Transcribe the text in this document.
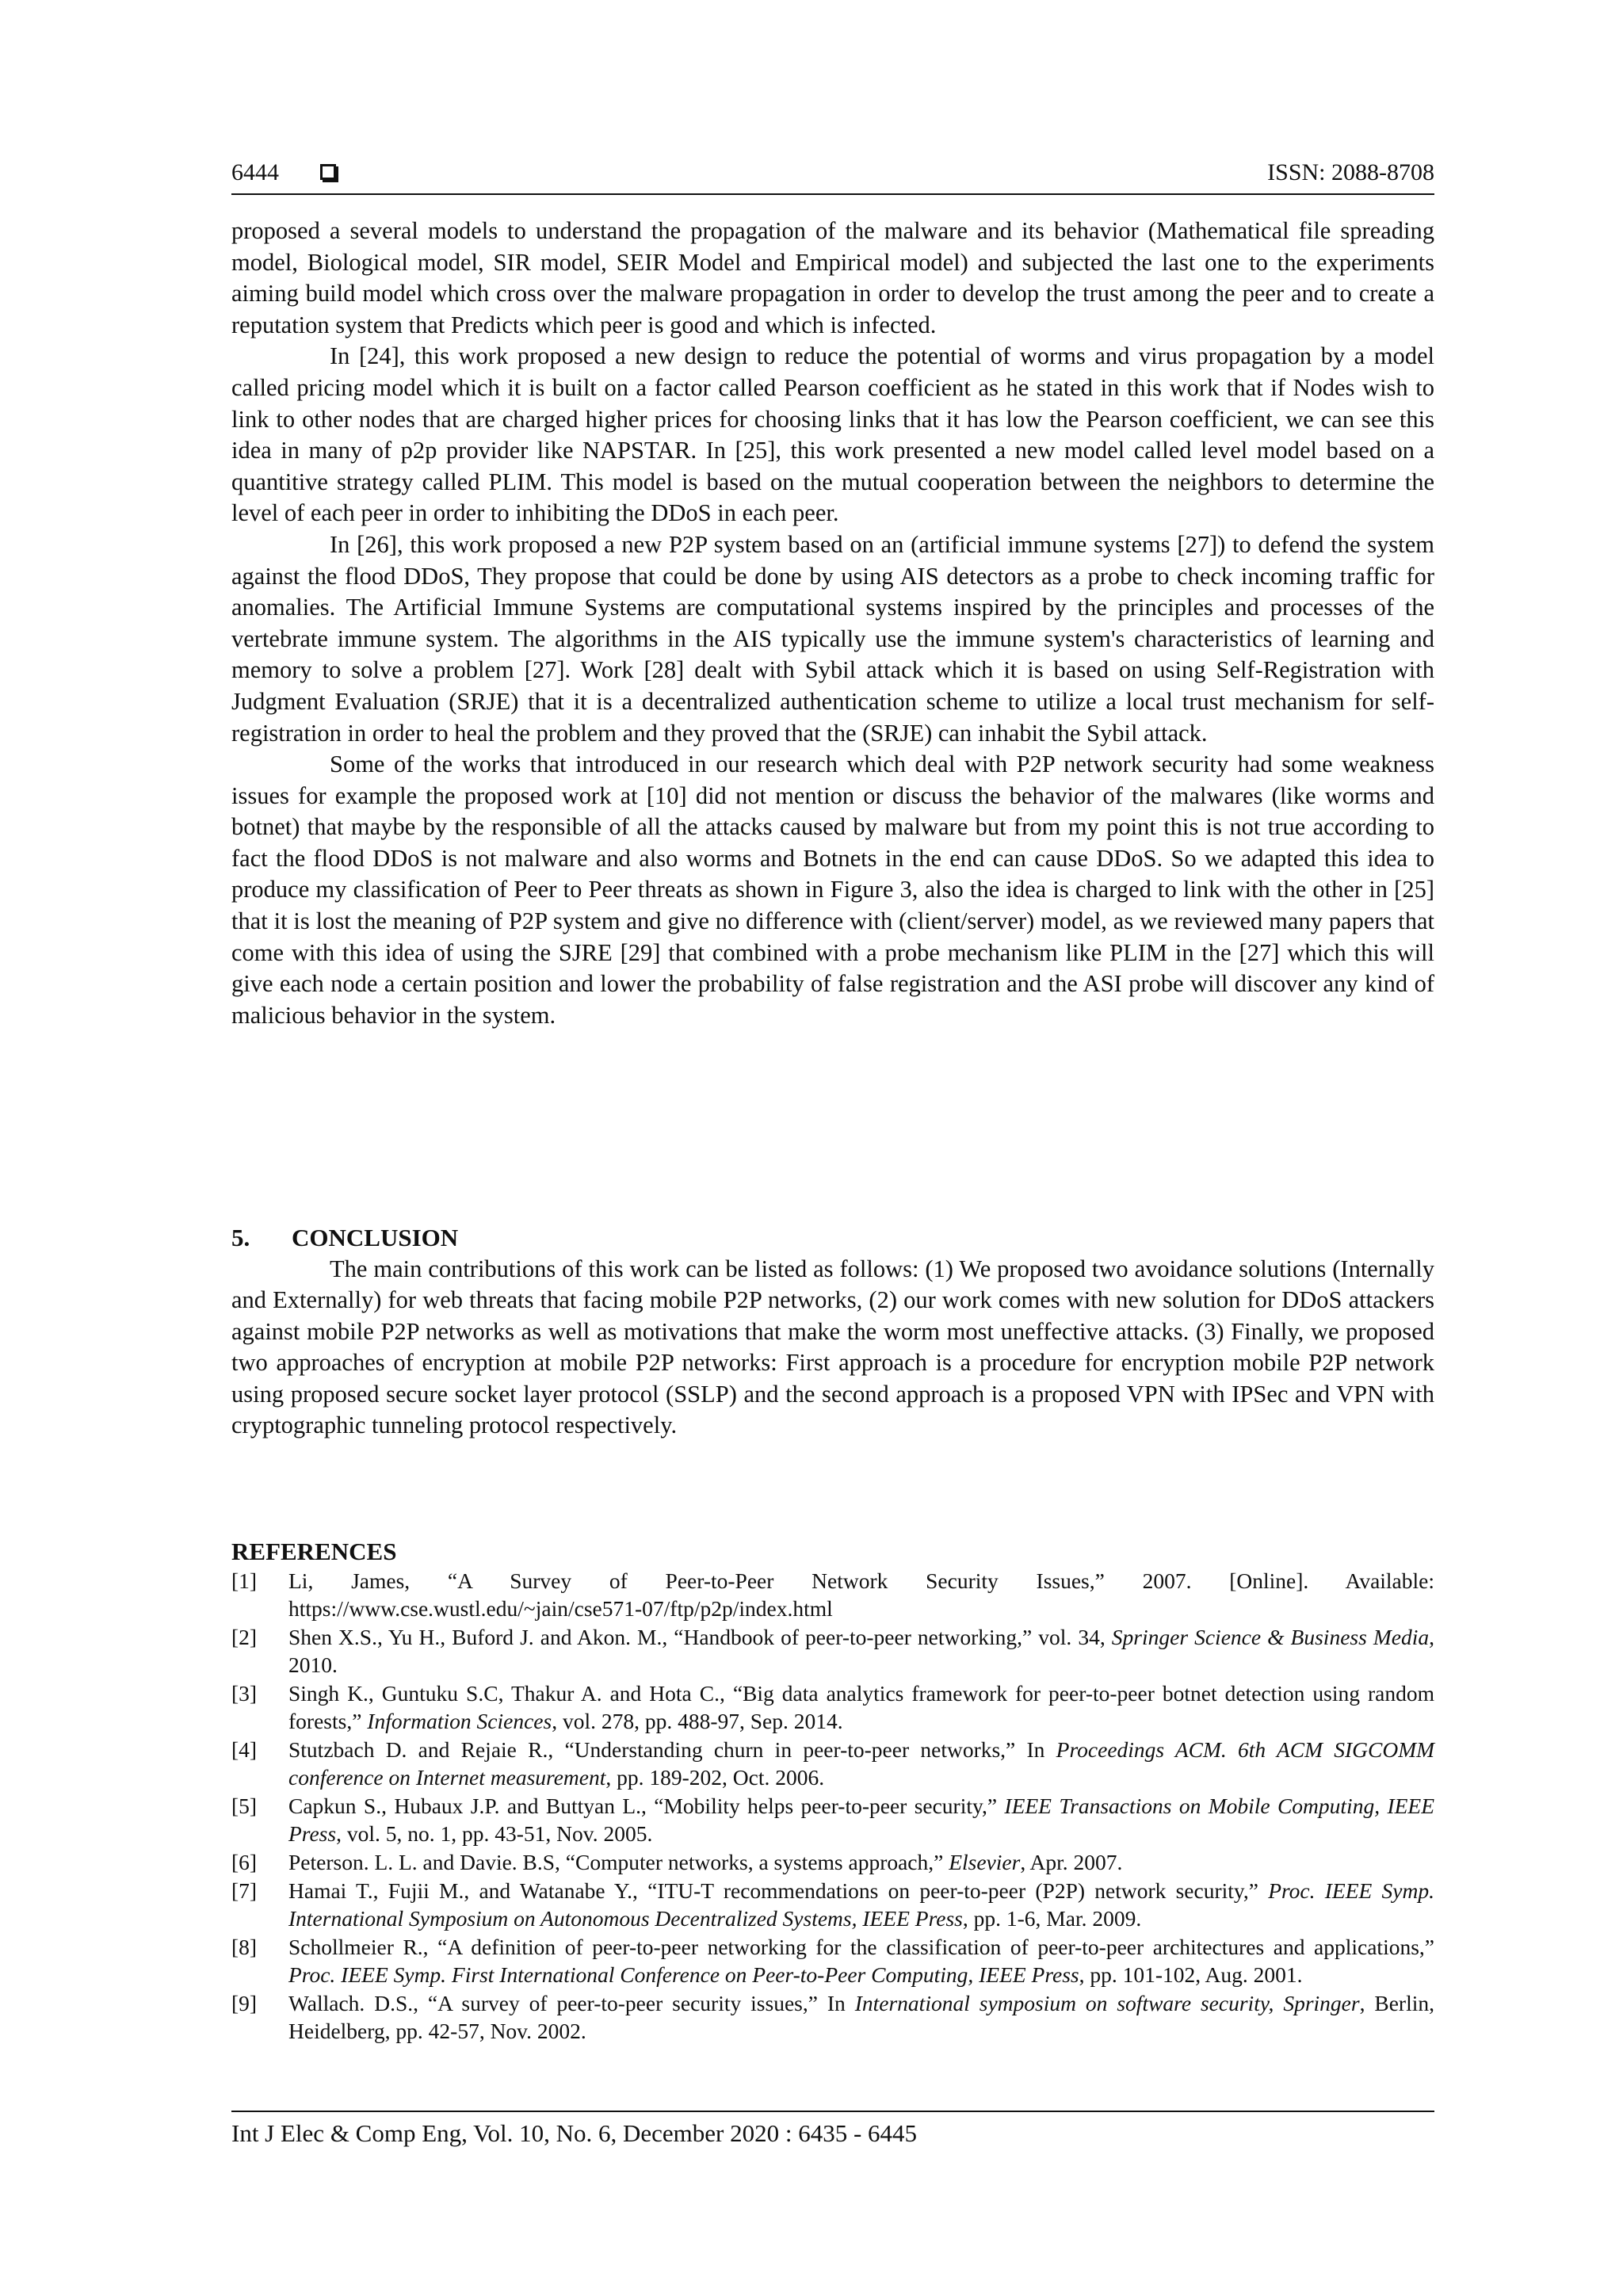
6444	ISSN: 2088-8708

proposed a several models to understand the propagation of the malware and its behavior (Mathematical file spreading model, Biological model, SIR model, SEIR Model and Empirical model) and subjected the last one to the experiments aiming build model which cross over the malware propagation in order to develop the trust among the peer and to create a reputation system that Predicts which peer is good and which is infected.

In [24], this work proposed a new design to reduce the potential of worms and virus propagation by a model called pricing model which it is built on a factor called Pearson coefficient as he stated in this work that if Nodes wish to link to other nodes that are charged higher prices for choosing links that it has low the Pearson coefficient, we can see this idea in many of p2p provider like NAPSTAR. In [25], this work presented a new model called level model based on a quantitive strategy called PLIM. This model is based on the mutual cooperation between the neighbors to determine the level of each peer in order to inhibiting the DDoS in each peer.

In [26], this work proposed a new P2P system based on an (artificial immune systems [27]) to defend the system against the flood DDoS, They propose that could be done by using AIS detectors as a probe to check incoming traffic for anomalies. The Artificial Immune Systems are computational systems inspired by the principles and processes of the vertebrate immune system. The algorithms in the AIS typically use the immune system's characteristics of learning and memory to solve a problem [27]. Work [28] dealt with Sybil attack which it is based on using Self-Registration with Judgment Evaluation (SRJE) that it is a decentralized authentication scheme to utilize a local trust mechanism for self-registration in order to heal the problem and they proved that the (SRJE) can inhabit the Sybil attack.

Some of the works that introduced in our research which deal with P2P network security had some weakness issues for example the proposed work at [10] did not mention or discuss the behavior of the malwares (like worms and botnet) that maybe by the responsible of all the attacks caused by malware but from my point this is not true according to fact the flood DDoS is not malware and also worms and Botnets in the end can cause DDoS. So we adapted this idea to produce my classification of Peer to Peer threats as shown in Figure 3, also the idea is charged to link with the other in [25] that it is lost the meaning of P2P system and give no difference with (client/server) model, as we reviewed many papers that come with this idea of using the SJRE [29] that combined with a probe mechanism like PLIM in the [27] which this will give each node a certain position and lower the probability of false registration and the ASI probe will discover any kind of malicious behavior in the system.

5. CONCLUSION

The main contributions of this work can be listed as follows: (1) We proposed two avoidance solutions (Internally and Externally) for web threats that facing mobile P2P networks, (2) our work comes with new solution for DDoS attackers against mobile P2P networks as well as motivations that make the worm most uneffective attacks. (3) Finally, we proposed two approaches of encryption at mobile P2P networks: First approach is a procedure for encryption mobile P2P network using proposed secure socket layer protocol (SSLP) and the second approach is a proposed VPN with IPSec and VPN with cryptographic tunneling protocol respectively.

REFERENCES
[1] Li, James, “A Survey of Peer-to-Peer Network Security Issues,” 2007. [Online]. Available: https://www.cse.wustl.edu/~jain/cse571-07/ftp/p2p/index.html
[2] Shen X.S., Yu H., Buford J. and Akon. M., “Handbook of peer-to-peer networking,” vol. 34, Springer Science & Business Media, 2010.
[3] Singh K., Guntuku S.C, Thakur A. and Hota C., “Big data analytics framework for peer-to-peer botnet detection using random forests,” Information Sciences, vol. 278, pp. 488-97, Sep. 2014.
[4] Stutzbach D. and Rejaie R., “Understanding churn in peer-to-peer networks,” In Proceedings ACM. 6th ACM SIGCOMM conference on Internet measurement, pp. 189-202, Oct. 2006.
[5] Capkun S., Hubaux J.P. and Buttyan L., “Mobility helps peer-to-peer security,” IEEE Transactions on Mobile Computing, IEEE Press, vol. 5, no. 1, pp. 43-51, Nov. 2005.
[6] Peterson. L. L. and Davie. B.S, “Computer networks, a systems approach,” Elsevier, Apr. 2007.
[7] Hamai T., Fujii M., and Watanabe Y., “ITU-T recommendations on peer-to-peer (P2P) network security,” Proc. IEEE Symp. International Symposium on Autonomous Decentralized Systems, IEEE Press, pp. 1-6, Mar. 2009.
[8] Schollmeier R., “A definition of peer-to-peer networking for the classification of peer-to-peer architectures and applications,” Proc. IEEE Symp. First International Conference on Peer-to-Peer Computing, IEEE Press, pp. 101-102, Aug. 2001.
[9] Wallach. D.S., “A survey of peer-to-peer security issues,” In International symposium on software security, Springer, Berlin, Heidelberg, pp. 42-57, Nov. 2002.
Int J Elec & Comp Eng, Vol. 10, No. 6, December 2020 : 6435 - 6445
